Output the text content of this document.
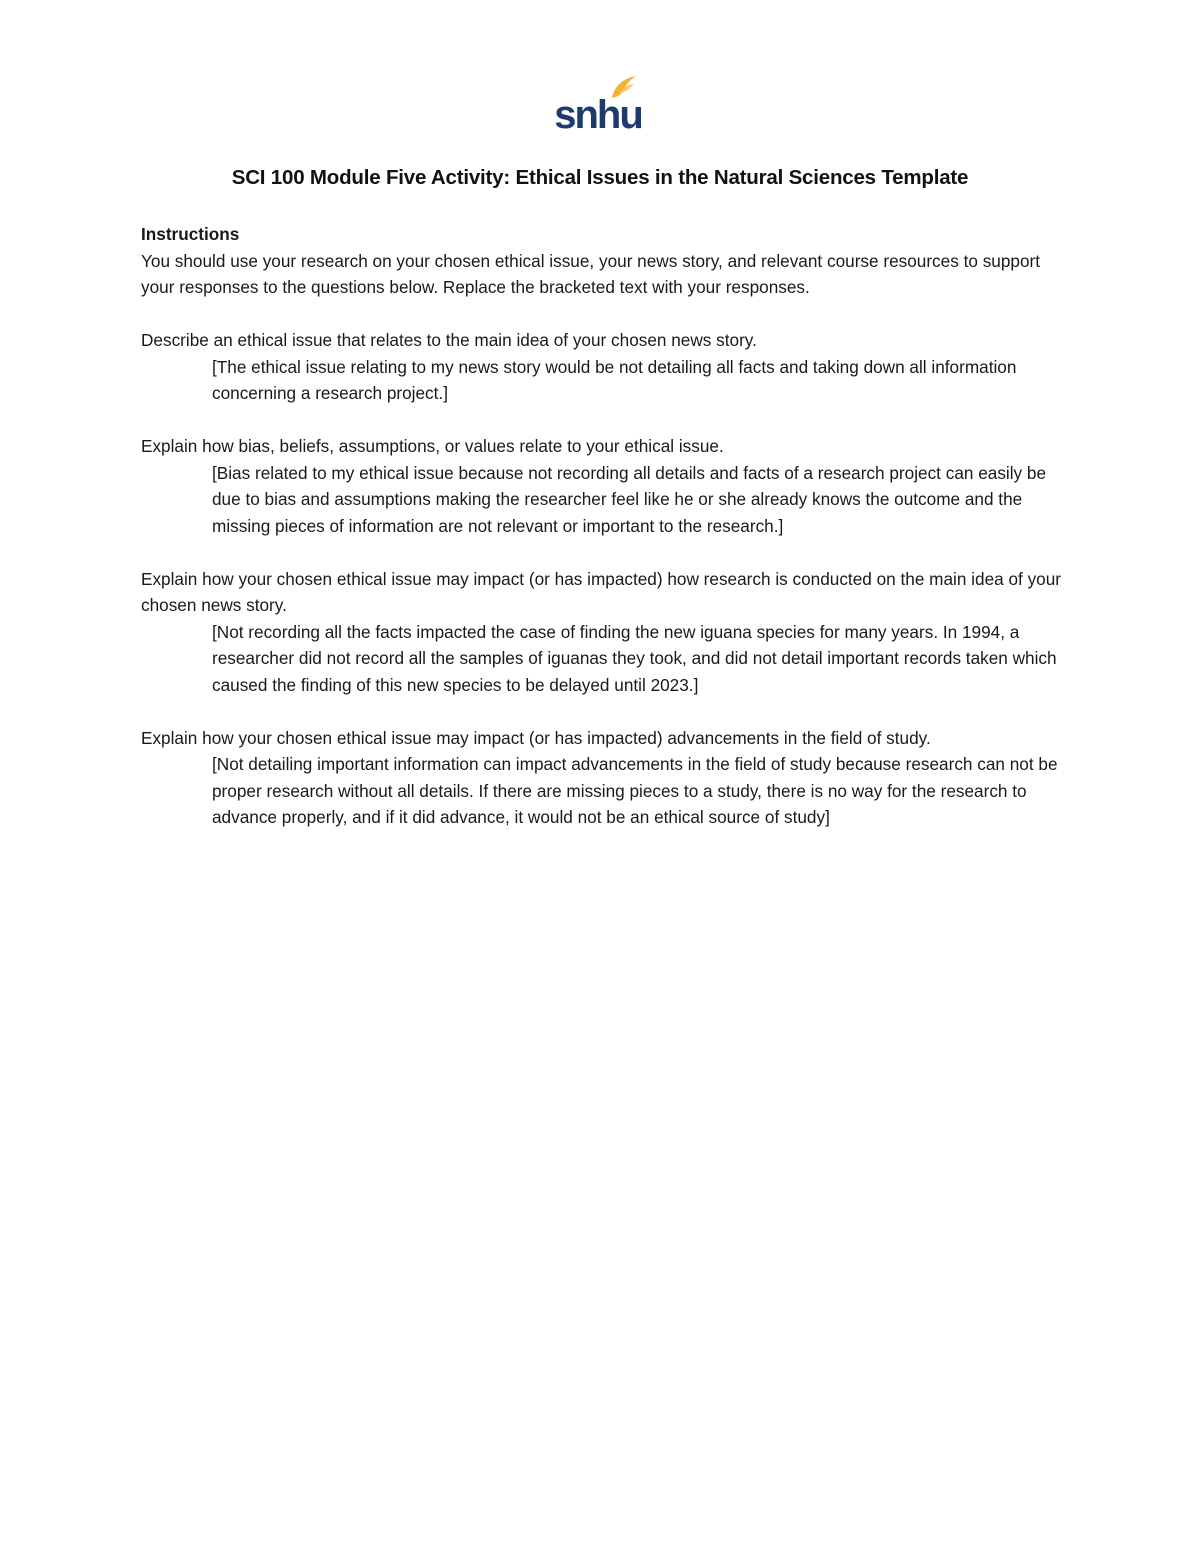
snhu
SCI 100 Module Five Activity: Ethical Issues in the Natural Sciences Template

Instructions

You should use your research on your chosen ethical issue, your news story, and relevant course resources to support your responses to the questions below. Replace the bracketed text with your responses.

Describe an ethical issue that relates to the main idea of your chosen news story.

[The ethical issue relating to my news story would be not detailing all facts and taking down all information concerning a research project.]

Explain how bias, beliefs, assumptions, or values relate to your ethical issue.

[Bias related to my ethical issue because not recording all details and facts of a research project can easily be due to bias and assumptions making the researcher feel like he or she already knows the outcome and the missing pieces of information are not relevant or important to the research.]

Explain how your chosen ethical issue may impact (or has impacted) how research is conducted on the main idea of your chosen news story.

[Not recording all the facts impacted the case of finding the new iguana species for many years. In 1994, a researcher did not record all the samples of iguanas they took, and did not detail important records taken which caused the finding of this new species to be delayed until 2023.]

Explain how your chosen ethical issue may impact (or has impacted) advancements in the field of study.

[Not detailing important information can impact advancements in the field of study because research can not be proper research without all details. If there are missing pieces to a study, there is no way for the research to advance properly, and if it did advance, it would not be an ethical source of study]
